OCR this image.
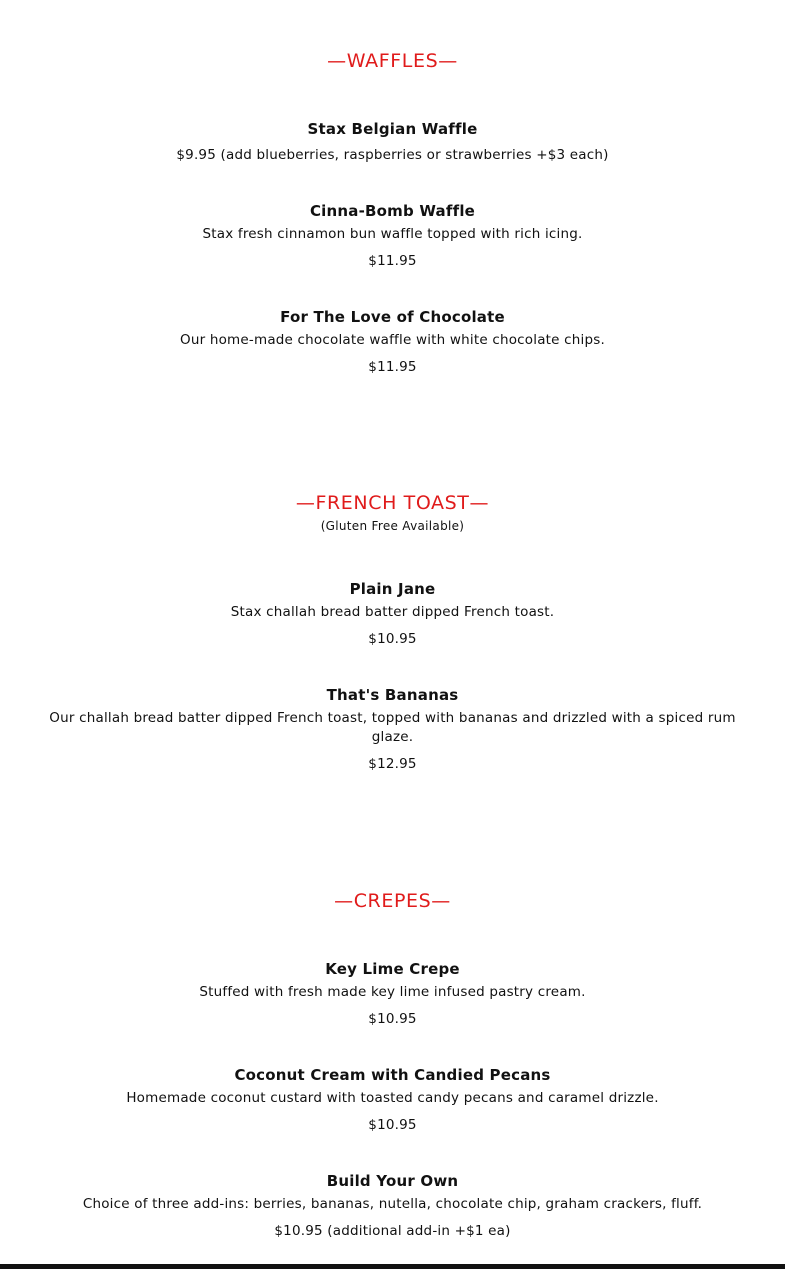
—WAFFLES—

Stax Belgian Waffle

$9.95 (add blueberries, raspberries or strawberries +$3 each)

Cinna-Bomb Waffle

Stax fresh cinnamon bun waffle topped with rich icing.

$11.95

For The Love of Chocolate

Our home-made chocolate waffle with white chocolate chips.

$11.95

—FRENCH TOAST—
(Gluten Free Available)

Plain Jane

Stax challah bread batter dipped French toast.

$10.95

That's Bananas

Our challah bread batter dipped French toast, topped with bananas and drizzled with a spiced rum glaze.

$12.95

—CREPES—

Key Lime Crepe

Stuffed with fresh made key lime infused pastry cream.

$10.95

Coconut Cream with Candied Pecans

Homemade coconut custard with toasted candy pecans and caramel drizzle.

$10.95

Build Your Own

Choice of three add-ins: berries, bananas, nutella, chocolate chip, graham crackers, fluff.

$10.95 (additional add-in +$1 ea)
